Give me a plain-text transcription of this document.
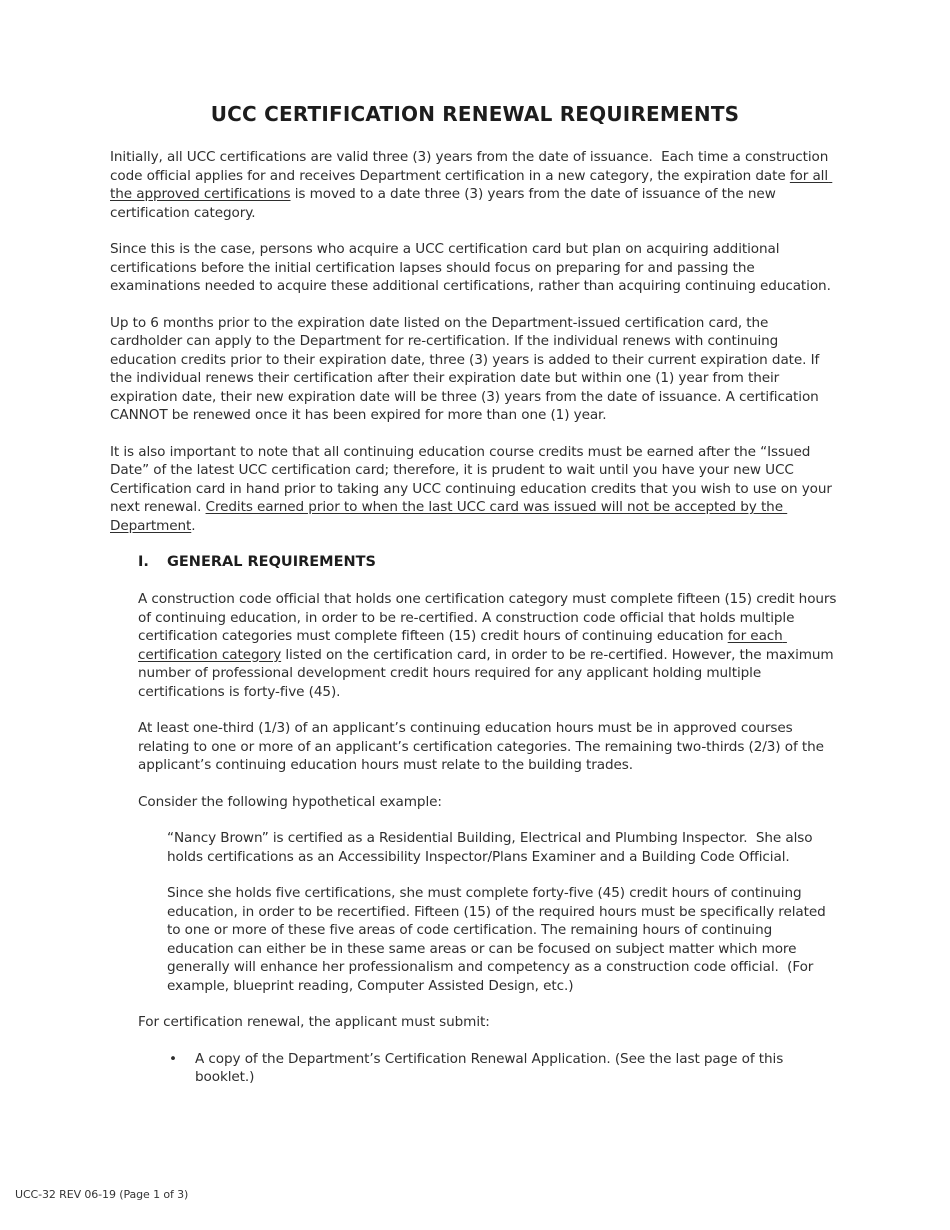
UCC CERTIFICATION RENEWAL REQUIREMENTS

Initially, all UCC certifications are valid three (3) years from the date of issuance.  Each time a construction code official applies for and receives Department certification in a new category, the expiration date for all the approved certifications is moved to a date three (3) years from the date of issuance of the new certification category.

Since this is the case, persons who acquire a UCC certification card but plan on acquiring additional certifications before the initial certification lapses should focus on preparing for and passing the examinations needed to acquire these additional certifications, rather than acquiring continuing education.

Up to 6 months prior to the expiration date listed on the Department-issued certification card, the cardholder can apply to the Department for re-certification. If the individual renews with continuing education credits prior to their expiration date, three (3) years is added to their current expiration date. If the individual renews their certification after their expiration date but within one (1) year from their expiration date, their new expiration date will be three (3) years from the date of issuance. A certification CANNOT be renewed once it has been expired for more than one (1) year.

It is also important to note that all continuing education course credits must be earned after the “Issued Date” of the latest UCC certification card; therefore, it is prudent to wait until you have your new UCC Certification card in hand prior to taking any UCC continuing education credits that you wish to use on your next renewal. Credits earned prior to when the last UCC card was issued will not be accepted by the Department.

I. GENERAL REQUIREMENTS

A construction code official that holds one certification category must complete fifteen (15) credit hours of continuing education, in order to be re-certified. A construction code official that holds multiple certification categories must complete fifteen (15) credit hours of continuing education for each certification category listed on the certification card, in order to be re-certified. However, the maximum number of professional development credit hours required for any applicant holding multiple certifications is forty-five (45).

At least one-third (1/3) of an applicant’s continuing education hours must be in approved courses relating to one or more of an applicant’s certification categories. The remaining two-thirds (2/3) of the applicant’s continuing education hours must relate to the building trades.

Consider the following hypothetical example:

“Nancy Brown” is certified as a Residential Building, Electrical and Plumbing Inspector.  She also holds certifications as an Accessibility Inspector/Plans Examiner and a Building Code Official.

Since she holds five certifications, she must complete forty-five (45) credit hours of continuing education, in order to be recertified. Fifteen (15) of the required hours must be specifically related to one or more of these five areas of code certification. The remaining hours of continuing education can either be in these same areas or can be focused on subject matter which more generally will enhance her professionalism and competency as a construction code official.  (For example, blueprint reading, Computer Assisted Design, etc.)

For certification renewal, the applicant must submit:

•	A copy of the Department’s Certification Renewal Application. (See the last page of this booklet.)
UCC-32 REV 06-19 (Page 1 of 3)
